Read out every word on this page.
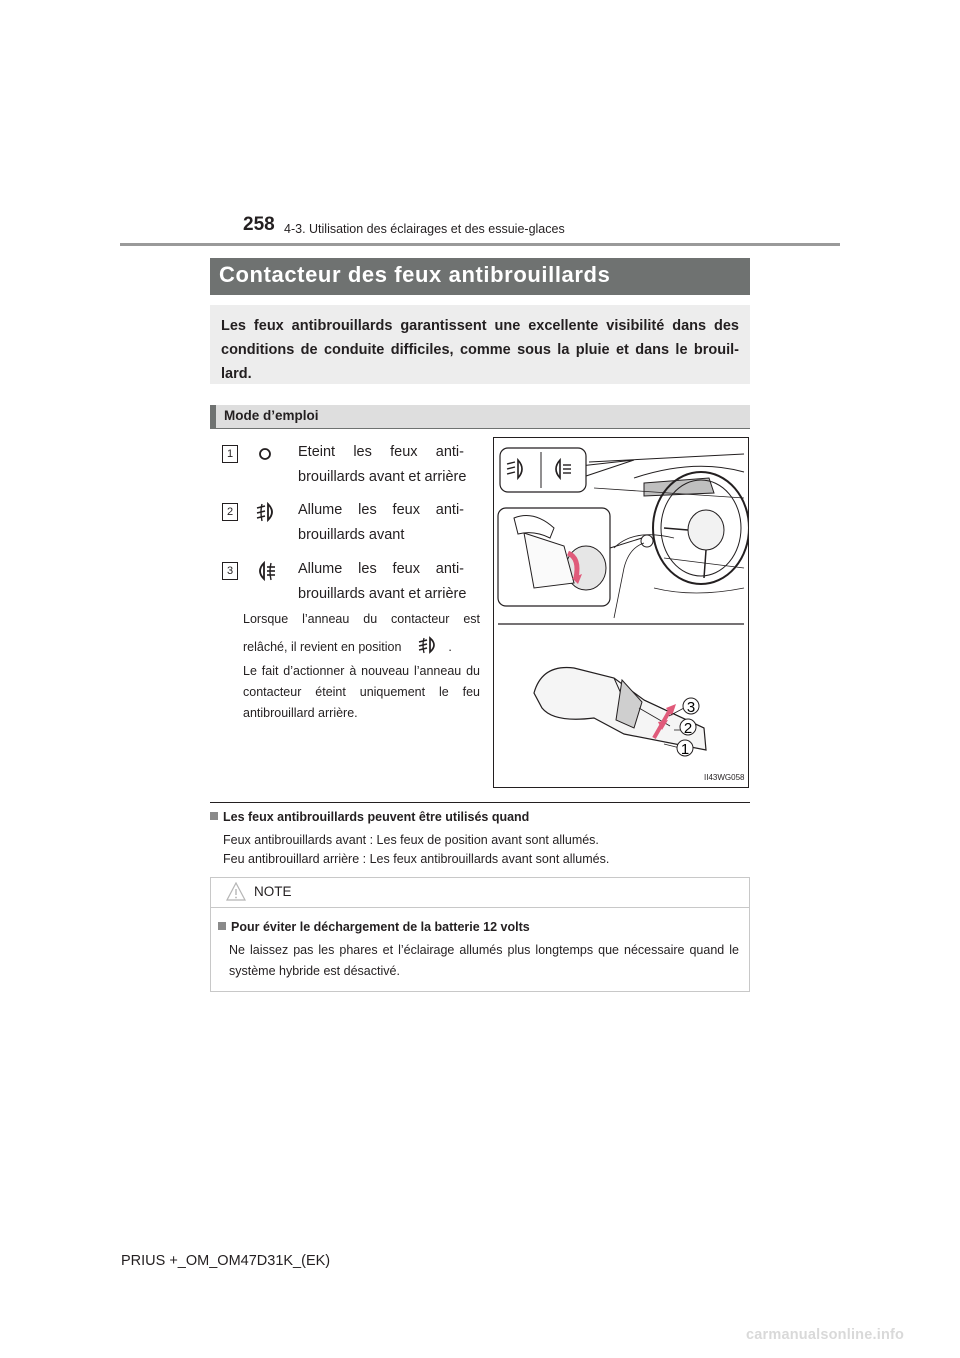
258 4-3. Utilisation des éclairages et des essuie-glaces
Contacteur des feux antibrouillards
Les feux antibrouillards garantissent une excellente visibilité dans des conditions de conduite difficiles, comme sous la pluie et dans le brouil-lard.
Mode d’emploi
1	Eteint les feux anti-
brouillards avant et arrière
2	Allume les feux anti-
brouillards avant
3	Allume les feux anti-
brouillards avant et arrière
Lorsque l’anneau du contacteur est
relâché, il revient en position	.
Le fait d’actionner à nouveau l’anneau du contacteur éteint uniquement le feu antibrouillard arrière.	3
2
1
II43WG058
Les feux antibrouillards peuvent être utilisés quand
Feux antibrouillards avant : Les feux de position avant sont allumés.
Feu antibrouillard arrière : Les feux antibrouillards avant sont allumés.
NOTE
Pour éviter le déchargement de la batterie 12 volts
Ne laissez pas les phares et l’éclairage allumés plus longtemps que nécessaire quand le système hybride est désactivé.
PRIUS +_OM_OM47D31K_(EK)
carmanualsonline.info
